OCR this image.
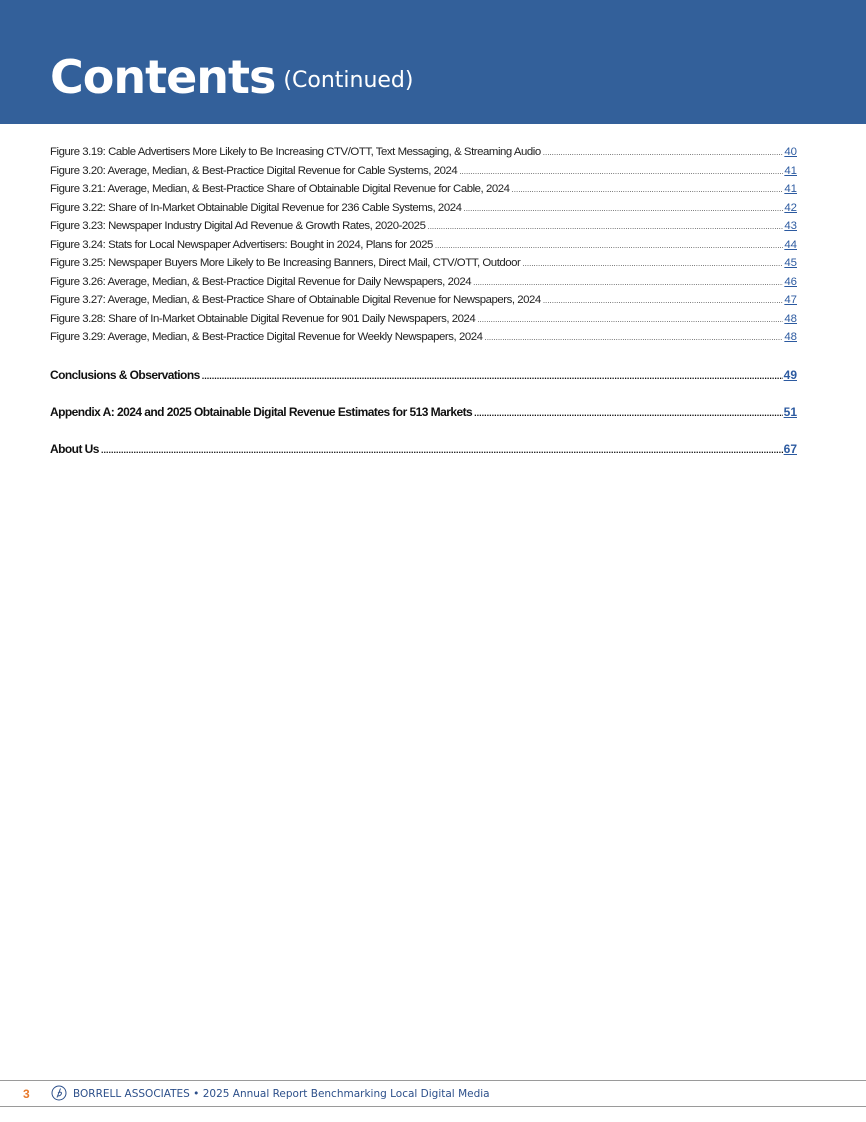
Contents (Continued)
Figure 3.19: Cable Advertisers More Likely to Be Increasing CTV/OTT, Text Messaging, & Streaming Audio .....	40
Figure 3.20: Average, Median, & Best-Practice Digital Revenue for Cable Systems, 2024 .....	41
Figure 3.21: Average, Median, & Best-Practice Share of Obtainable Digital Revenue for Cable, 2024 .....	41
Figure 3.22: Share of In-Market Obtainable Digital Revenue for 236 Cable Systems, 2024 .....	42
Figure 3.23: Newspaper Industry Digital Ad Revenue & Growth Rates, 2020-2025 .....	43
Figure 3.24: Stats for Local Newspaper Advertisers: Bought in 2024, Plans for 2025 .....	44
Figure 3.25: Newspaper Buyers More Likely to Be Increasing Banners, Direct Mail, CTV/OTT, Outdoor .....	45
Figure 3.26: Average, Median, & Best-Practice Digital Revenue for Daily Newspapers, 2024 .....	46
Figure 3.27: Average, Median, & Best-Practice Share of Obtainable Digital Revenue for Newspapers, 2024 .....	47
Figure 3.28: Share of In-Market Obtainable Digital Revenue for 901 Daily Newspapers, 2024 .....	48
Figure 3.29: Average, Median, & Best-Practice Digital Revenue for Weekly Newspapers, 2024 .....	48
Conclusions & Observations .....	49
Appendix A: 2024 and 2025 Obtainable Digital Revenue Estimates for 513 Markets .....	51
About Us .....	67
3	BORRELL ASSOCIATES • 2025 Annual Report Benchmarking Local Digital Media
